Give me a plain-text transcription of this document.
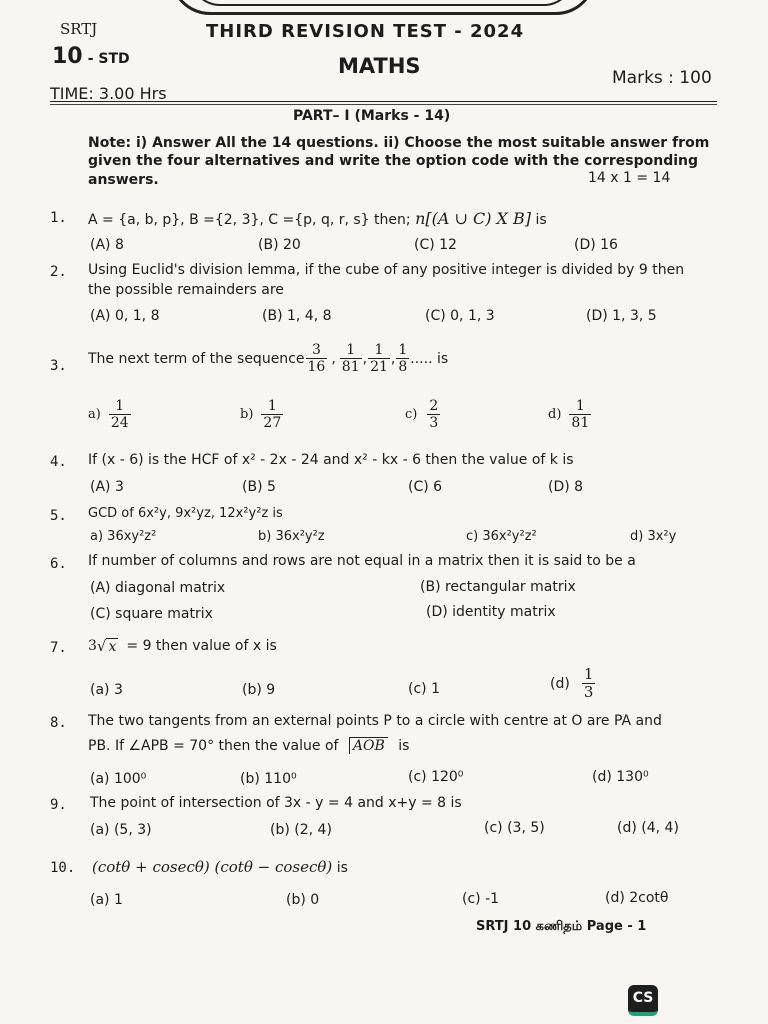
SRTJ
10 - STD
THIRD REVISION TEST - 2024
MATHS	Marks : 100
TIME: 3.00 Hrs
PART– I (Marks - 14)
Note: i) Answer All the 14 questions. ii) Choose the most suitable answer from
given the four alternatives and write the option code with the corresponding
answers.	14 x 1 = 14
1. A = {a, b, p}, B ={2, 3}, C ={p, q, r, s} then; n[(A ∪ C) X B] is
(A) 8	(B) 20	(C) 12	(D) 16
2. Using Euclid's division lemma, if the cube of any positive integer is divided by 9 then
the possible remainders are
(A) 0, 1, 8	(B) 1, 4, 8	(C) 0, 1, 3	(D) 1, 3, 5
3. The next term of the sequence $\frac{3}{16}$ , $\frac{1}{81}$ , $\frac{1}{21}$ , $\frac{1}{8}$ ..... is
$a) \frac{1}{24}$	$b) \frac{1}{27}$	$c) \frac{2}{3}$	$d) \frac{1}{81}$
4. If (x - 6) is the HCF of x² - 2x - 24 and x² - kx - 6 then the value of k is
(A) 3	(B) 5	(C) 6	(D) 8
5. GCD of 6x²y, 9x²yz, 12x²y²z is
a) 36xy²z²	b) 36x²y²z	c) 36x²y²z²	d) 3x²y
6. If number of columns and rows are not equal in a matrix then it is said to be a
(A) diagonal matrix	(B) rectangular matrix
(C) square matrix	(D) identity matrix
7. 3 √ x = 9 then value of x is
(a) 3	(b) 9	(c) 1	$(d) \frac{1}{3}$
8. The two tangents from an external points P to a circle with centre at O are PA and
PB. If ∠APB = 70° then the value of AOB is
(a) 100⁰	(b) 110⁰	(c) 120⁰	(d) 130⁰
9. The point of intersection of 3x - y = 4 and x+y = 8 is
(a) (5, 3)	(b) (2, 4)	(c) (3, 5)	(d) (4, 4)
10. (cotθ + cosecθ) (cotθ − cosecθ) is
(a) 1	(b) 0	(c) -1	(d) 2cotθ
SRTJ 10 கணிதம் Page - 1
CS
